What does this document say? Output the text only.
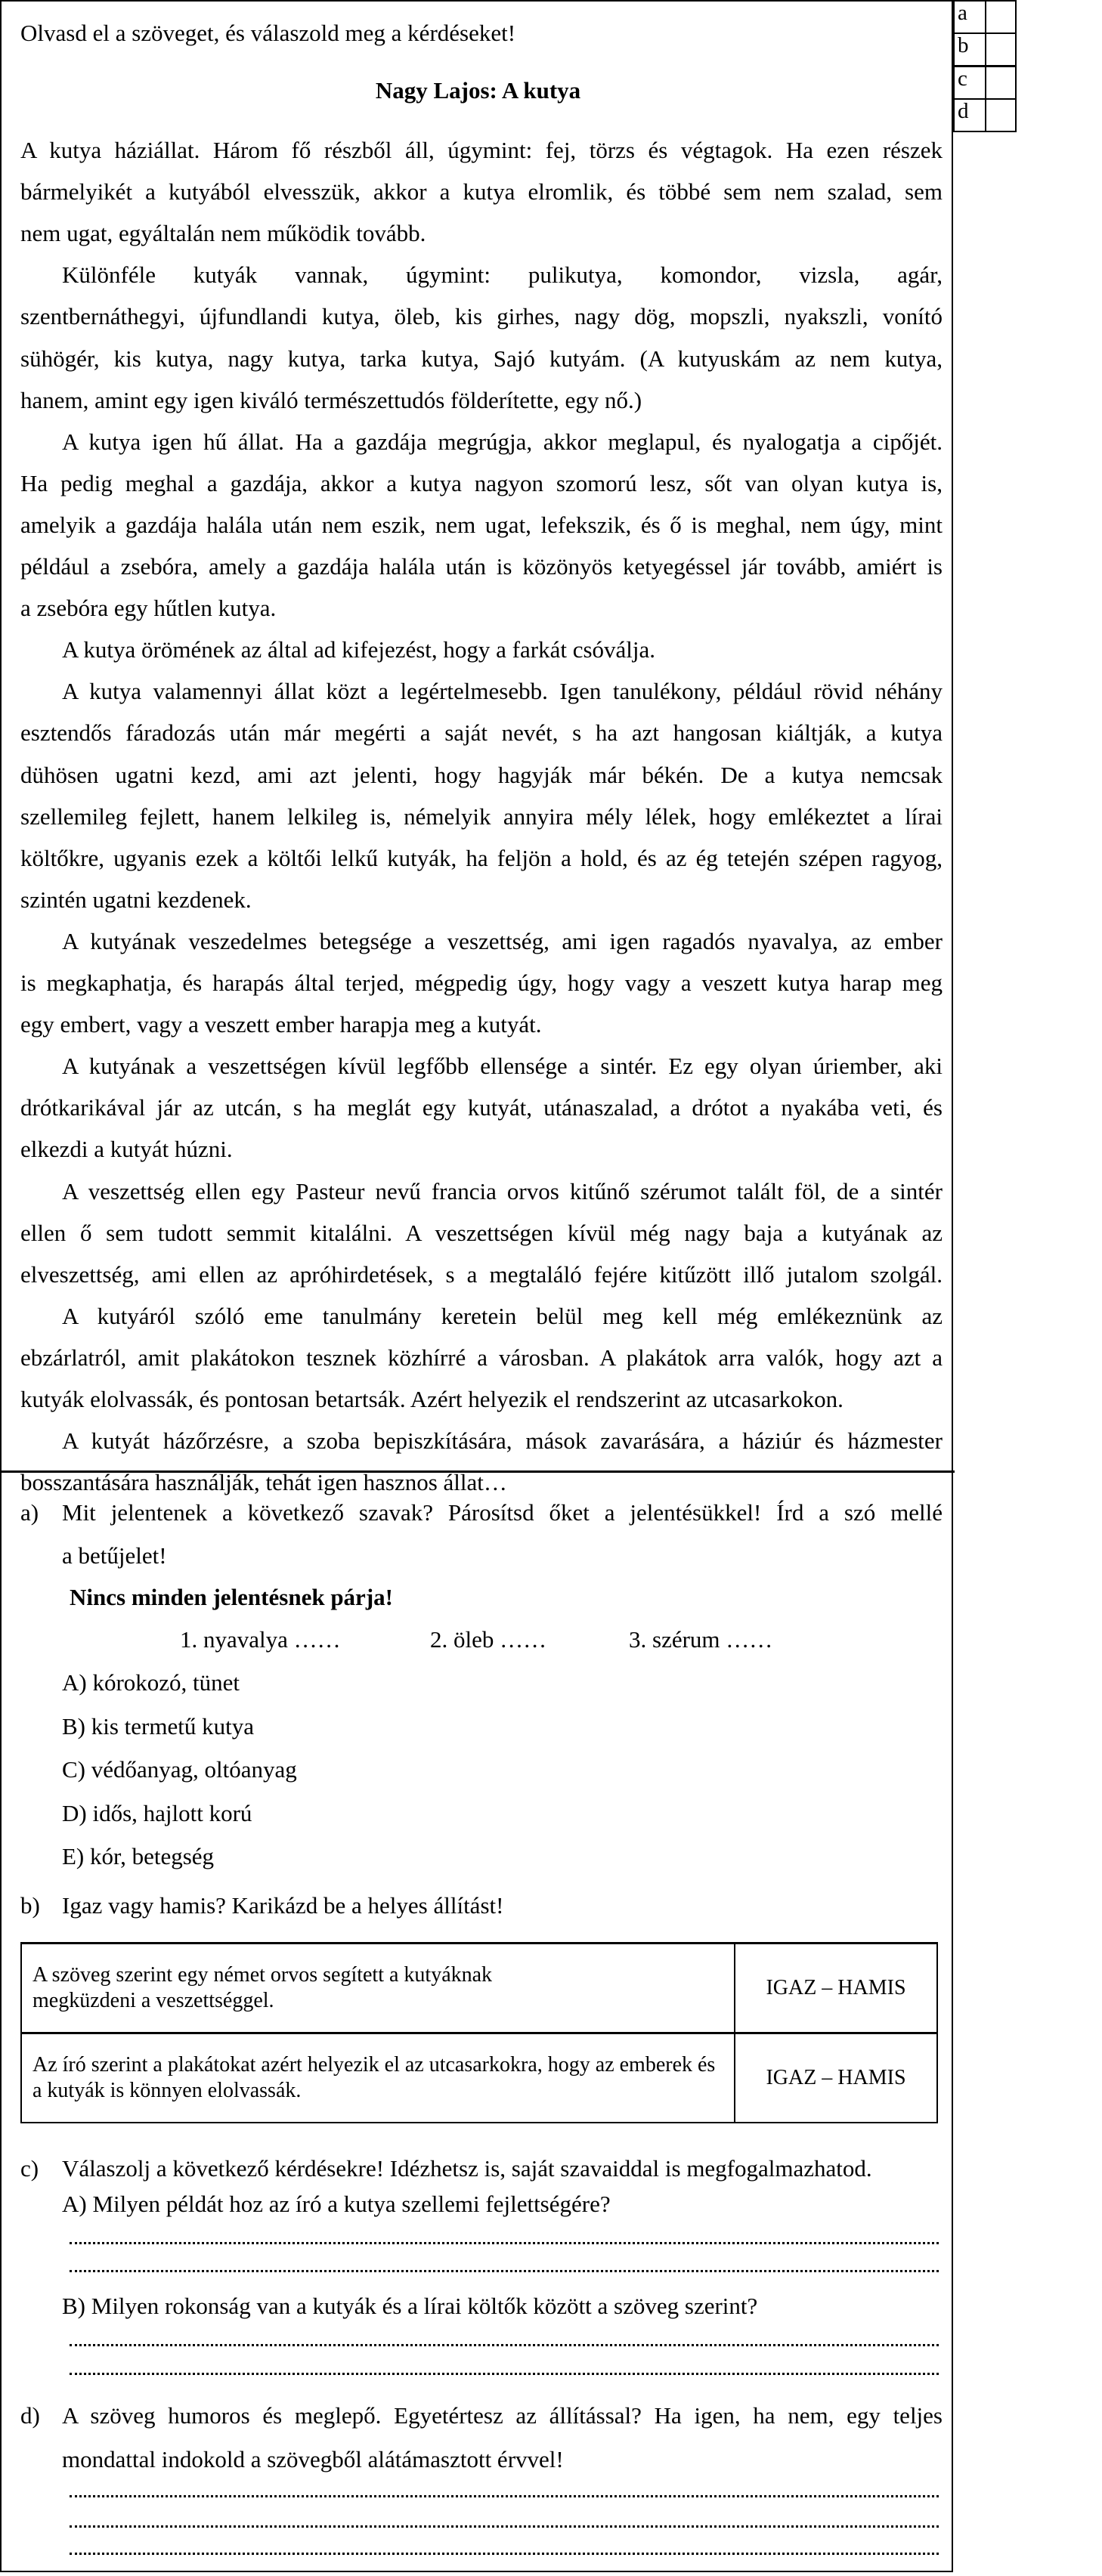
Olvasd el a szöveget, és válaszold meg a kérdéseket!
Nagy Lajos: A kutya
A kutya háziállat. Három fő részből áll, úgymint: fej, törzs és végtagok. Ha ezen részek
bármelyikét a kutyából elvesszük, akkor a kutya elromlik, és többé sem nem szalad, sem
nem ugat, egyáltalán nem működik tovább.
Különféle kutyák vannak, úgymint: pulikutya, komondor, vizsla, agár,
szentbernáthegyi, újfundlandi kutya, öleb, kis girhes, nagy dög, mopszli, nyakszli, vonító
sühögér, kis kutya, nagy kutya, tarka kutya, Sajó kutyám. (A kutyuskám az nem kutya,
hanem, amint egy igen kiváló természettudós földerítette, egy nő.)
A kutya igen hű állat. Ha a gazdája megrúgja, akkor meglapul, és nyalogatja a cipőjét.
Ha pedig meghal a gazdája, akkor a kutya nagyon szomorú lesz, sőt van olyan kutya is,
amelyik a gazdája halála után nem eszik, nem ugat, lefekszik, és ő is meghal, nem úgy, mint
például a zsebóra, amely a gazdája halála után is közönyös ketyegéssel jár tovább, amiért is
a zsebóra egy hűtlen kutya.
A kutya örömének az által ad kifejezést, hogy a farkát csóválja.
A kutya valamennyi állat közt a legértelmesebb. Igen tanulékony, például rövid néhány
esztendős fáradozás után már megérti a saját nevét, s ha azt hangosan kiáltják, a kutya
dühösen ugatni kezd, ami azt jelenti, hogy hagyják már békén. De a kutya nemcsak
szellemileg fejlett, hanem lelkileg is, némelyik annyira mély lélek, hogy emlékeztet a lírai
költőkre, ugyanis ezek a költői lelkű kutyák, ha feljön a hold, és az ég tetején szépen ragyog,
szintén ugatni kezdenek.
A kutyának veszedelmes betegsége a veszettség, ami igen ragadós nyavalya, az ember
is megkaphatja, és harapás által terjed, mégpedig úgy, hogy vagy a veszett kutya harap meg
egy embert, vagy a veszett ember harapja meg a kutyát.
A kutyának a veszettségen kívül legfőbb ellensége a sintér. Ez egy olyan úriember, aki
drótkarikával jár az utcán, s ha meglát egy kutyát, utánaszalad, a drótot a nyakába veti, és
elkezdi a kutyát húzni.
A veszettség ellen egy Pasteur nevű francia orvos kitűnő szérumot talált föl, de a sintér
ellen ő sem tudott semmit kitalálni. A veszettségen kívül még nagy baja a kutyának az
elveszettség, ami ellen az apróhirdetések, s a megtaláló fejére kitűzött illő jutalom szolgál.
A kutyáról szóló eme tanulmány keretein belül meg kell még emlékeznünk az
ebzárlatról, amit plakátokon tesznek közhírré a városban. A plakátok arra valók, hogy azt a
kutyák elolvassák, és pontosan betartsák. Azért helyezik el rendszerint az utcasarkokon.
A kutyát házőrzésre, a szoba bepiszkítására, mások zavarására, a háziúr és házmester
bosszantására használják, tehát igen hasznos állat…
a) Mit jelentenek a következő szavak? Párosítsd őket a jelentésükkel! Írd a szó mellé
a betűjelet!
Nincs minden jelentésnek párja!
1. nyavalya ……	2. öleb ……	3. szérum ……
A) kórokozó, tünet
B) kis termetű kutya
C) védőanyag, oltóanyag
D) idős, hajlott korú
E) kór, betegség
b) Igaz vagy hamis? Karikázd be a helyes állítást!
A szöveg szerint egy német orvos segített a kutyáknak megküzdeni a veszettséggel.	IGAZ – HAMIS
Az író szerint a plakátokat azért helyezik el az utcasarkokra, hogy az emberek és a kutyák is könnyen elolvassák.	IGAZ – HAMIS
c) Válaszolj a következő kérdésekre! Idézhetsz is, saját szavaiddal is megfogalmazhatod.
A) Milyen példát hoz az író a kutya szellemi fejlettségére?
B) Milyen rokonság van a kutyák és a lírai költők között a szöveg szerint?
d) A szöveg humoros és meglepő. Egyetértesz az állítással? Ha igen, ha nem, egy teljes
mondattal indokold a szövegből alátámasztott érvvel!
a	
b	
c	
d	
